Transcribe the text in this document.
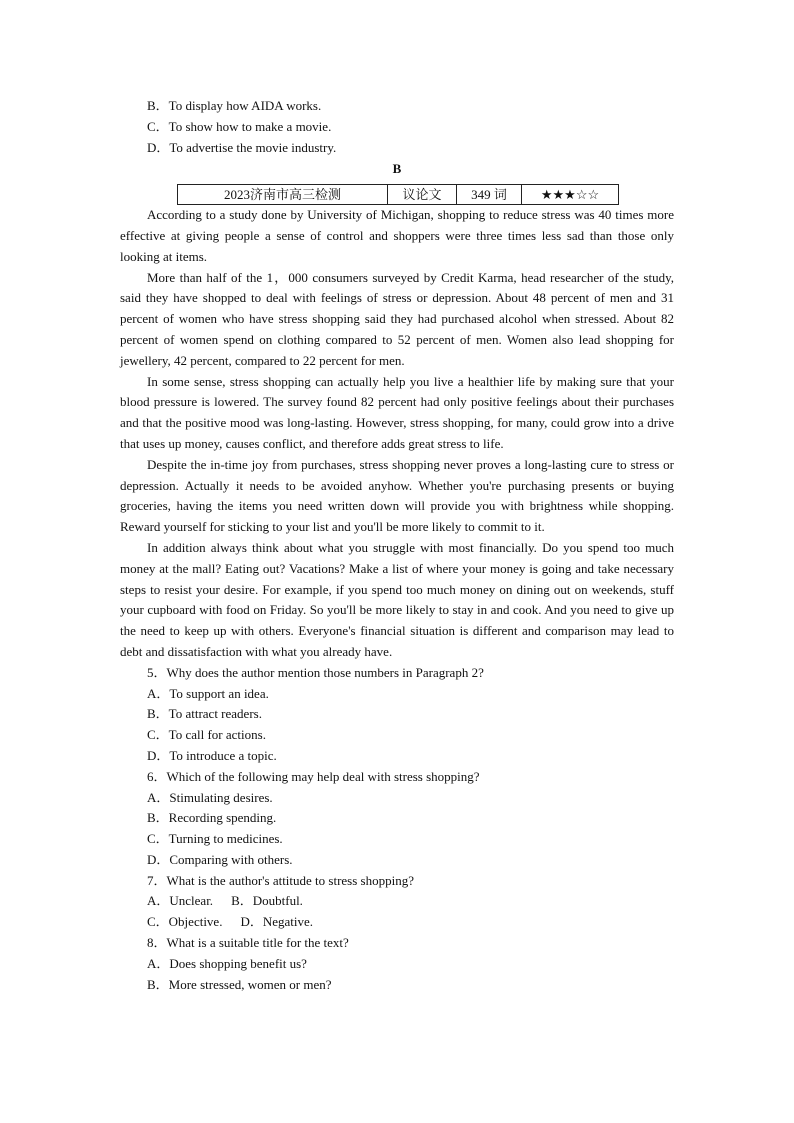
B．To display how AIDA works.
C．To show how to make a movie.
D．To advertise the movie industry.
B
2023济南市高三检测	议论文	349 词	★★★☆☆

According to a study done by University of Michigan, shopping to reduce stress was 40 times more effective at giving people a sense of control and shoppers were three times less sad than those only looking at items.

More than half of the 1，000 consumers surveyed by Credit Karma, head researcher of the study, said they have shopped to deal with feelings of stress or depression. About 48 percent of men and 31 percent of women who have stress shopping said they had purchased alcohol when stressed. About 82 percent of women spend on clothing compared to 52 percent of men. Women also lead shopping for jewellery, 42 percent, compared to 22 percent for men.

In some sense, stress shopping can actually help you live a healthier life by making sure that your blood pressure is lowered. The survey found 82 percent had only positive feelings about their purchases and that the positive mood was long-lasting. However, stress shopping, for many, could grow into a drive that uses up money, causes conflict, and therefore adds great stress to life.

Despite the in-time joy from purchases, stress shopping never proves a long-lasting cure to stress or depression. Actually it needs to be avoided anyhow. Whether you're purchasing presents or buying groceries, having the items you need written down will provide you with brightness while shopping. Reward yourself for sticking to your list and you'll be more likely to commit to it.

In addition always think about what you struggle with most financially. Do you spend too much money at the mall? Eating out? Vacations? Make a list of where your money is going and take necessary steps to resist your desire. For example, if you spend too much money on dining out on weekends, stuff your cupboard with food on Friday. So you'll be more likely to stay in and cook. And you need to give up the need to keep up with others. Everyone's financial situation is different and comparison may lead to debt and dissatisfaction with what you already have.

5．Why does the author mention those numbers in Paragraph 2?
A．To support an idea.
B．To attract readers.
C．To call for actions.
D．To introduce a topic.
6．Which of the following may help deal with stress shopping?
A．Stimulating desires.
B．Recording spending.
C．Turning to medicines.
D．Comparing with others.
7．What is the author's attitude to stress shopping?
A．Unclear. B．Doubtful.
C．Objective. D．Negative.
8．What is a suitable title for the text?
A．Does shopping benefit us?
B．More stressed, women or men?
